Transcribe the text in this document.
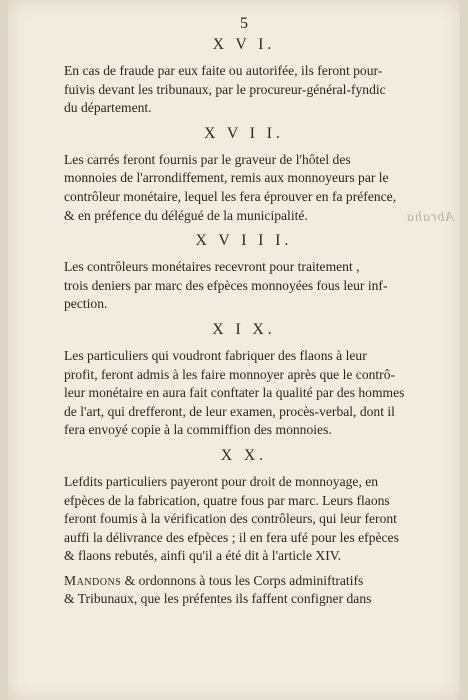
Abraha

5

X V I.

En cas de fraude par eux faite ou autorifée, ils feront pour-
fuivis devant les tribunaux, par le procureur-général-fyndic
du département.

X V I I.

Les carrés feront fournis par le graveur de l'hôtel des
monnoies de l'arrondiffement, remis aux monnoyeurs par le
contrôleur monétaire, lequel les fera éprouver en fa préfence,
& en préfence du délégué de la municipalité.

X V I I I.

Les contrôleurs monétaires recevront pour traitement ,
trois deniers par marc des efpèces monnoyées fous leur inf-
pection.

X I X.

Les particuliers qui voudront fabriquer des flaons à leur
profit, feront admis à les faire monnoyer après que le contrô-
leur monétaire en aura fait conftater la qualité par des hommes
de l'art, qui drefferont, de leur examen, procès-verbal, dont il
fera envoyé copie à la commiffion des monnoies.

X X.

Lefdits particuliers payeront pour droit de monnoyage, en
efpèces de la fabrication, quatre fous par marc. Leurs flaons
feront foumis à la vérification des contrôleurs, qui leur feront
auffi la délivrance des efpèces ; il en fera ufé pour les efpèces
& flaons rebutés, ainfi qu'il a été dit à l'article XIV.

Mandons & ordonnons à tous les Corps adminiftratifs
& Tribunaux, que les préfentes ils faffent configner dans
